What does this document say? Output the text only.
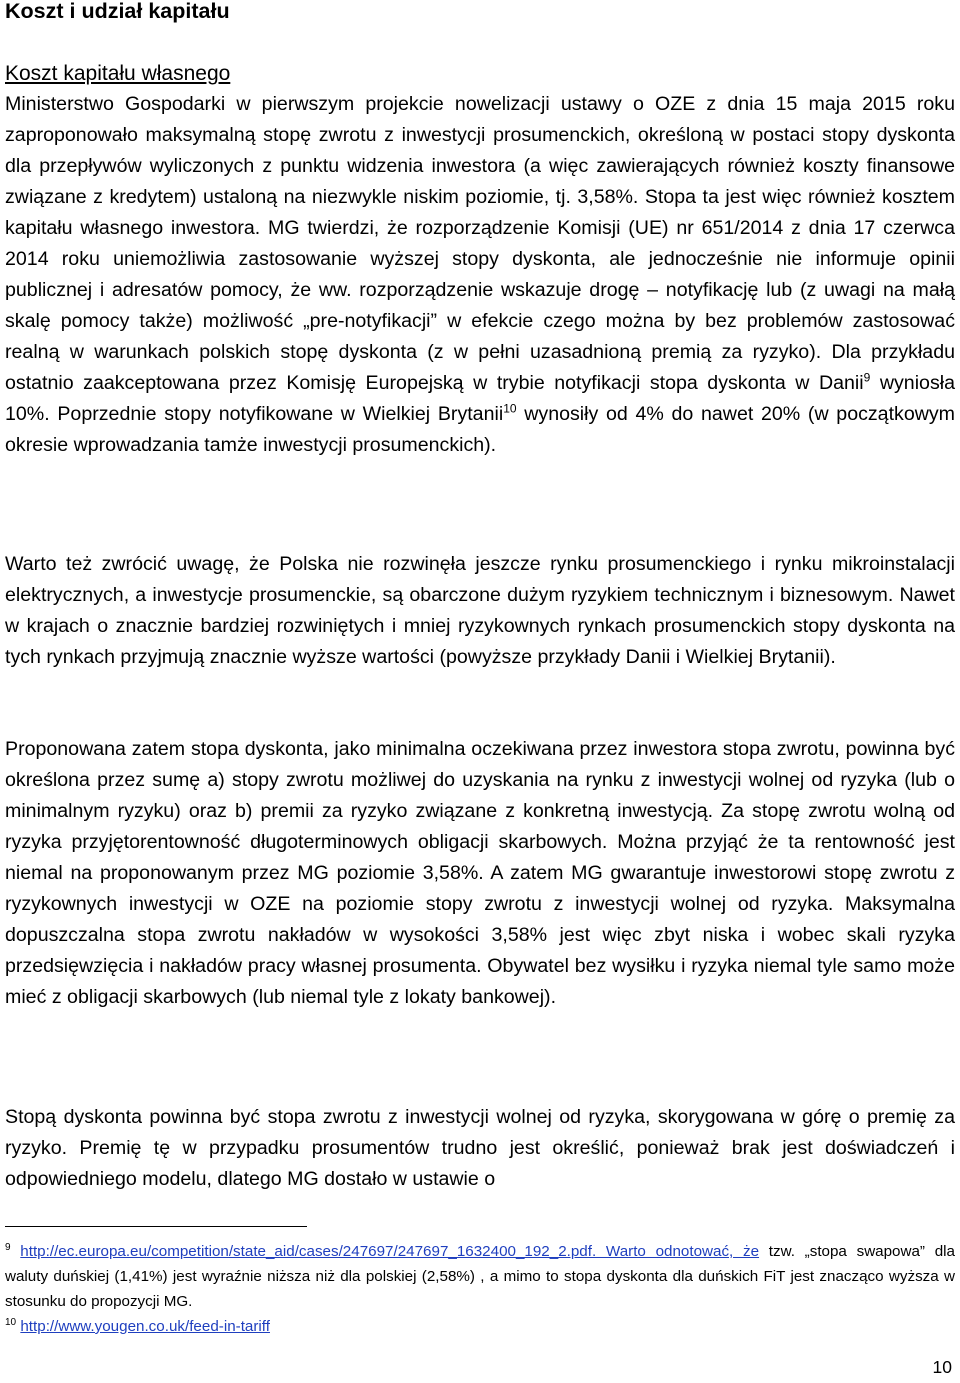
Koszt i udział kapitału
Koszt kapitału własnego

Ministerstwo Gospodarki w pierwszym projekcie nowelizacji ustawy o OZE z dnia 15 maja 2015 roku zaproponowało maksymalną stopę zwrotu z inwestycji prosumenckich, określoną w postaci stopy dyskonta dla przepływów wyliczonych z punktu widzenia inwestora (a więc zawierających również koszty finansowe związane z kredytem) ustaloną na niezwykle niskim poziomie, tj. 3,58%. Stopa ta jest więc również kosztem kapitału własnego inwestora. MG twierdzi, że rozporządzenie Komisji (UE) nr 651/2014 z dnia 17 czerwca 2014 roku uniemożliwia zastosowanie wyższej stopy dyskonta, ale jednocześnie nie informuje opinii publicznej i adresatów pomocy, że ww. rozporządzenie wskazuje drogę – notyfikację lub (z uwagi na małą skalę pomocy także) możliwość „pre-notyfikacji” w efekcie czego można by bez problemów zastosować realną w warunkach polskich stopę dyskonta (z w pełni uzasadnioną premią za ryzyko). Dla przykładu ostatnio zaakceptowana przez Komisję Europejską w trybie notyfikacji stopa dyskonta w Danii$^9$ wyniosła 10%. Poprzednie stopy notyfikowane w Wielkiej Brytanii$^{10}$ wynosiły od 4% do nawet 20% (w początkowym okresie wprowadzania tamże inwestycji prosumenckich).

Warto też zwrócić uwagę, że Polska nie rozwinęła jeszcze rynku prosumenckiego i rynku mikroinstalacji elektrycznych, a inwestycje prosumenckie, są obarczone dużym ryzykiem technicznym i biznesowym. Nawet w krajach o znacznie bardziej rozwiniętych i mniej ryzykownych rynkach prosumenckich stopy dyskonta na tych rynkach przyjmują znacznie wyższe wartości (powyższe przykłady Danii i Wielkiej Brytanii).

Proponowana zatem stopa dyskonta, jako minimalna oczekiwana przez inwestora stopa zwrotu, powinna być określona przez sumę a) stopy zwrotu możliwej do uzyskania na rynku z inwestycji wolnej od ryzyka (lub o minimalnym ryzyku) oraz b) premii za ryzyko związane z konkretną inwestycją. Za stopę zwrotu wolną od ryzyka przyjętorentowność długoterminowych obligacji skarbowych. Można przyjąć że ta rentowność jest niemal na proponowanym przez MG poziomie 3,58%. A zatem MG gwarantuje inwestorowi stopę zwrotu z ryzykownych inwestycji w OZE na poziomie stopy zwrotu z inwestycji wolnej od ryzyka. Maksymalna dopuszczalna stopa zwrotu nakładów w wysokości 3,58% jest więc zbyt niska i wobec skali ryzyka przedsięwzięcia i nakładów pracy własnej prosumenta. Obywatel bez wysiłku i ryzyka niemal tyle samo może mieć z obligacji skarbowych (lub niemal tyle z lokaty bankowej).

Stopą dyskonta powinna być stopa zwrotu z inwestycji wolnej od ryzyka, skorygowana w górę o premię za ryzyko. Premię tę w przypadku prosumentów trudno jest określić, ponieważ brak jest doświadczeń i odpowiedniego modelu, dlatego MG dostało w ustawie o

$^9$ http://ec.europa.eu/competition/state_aid/cases/247697/247697_1632400_192_2.pdf. Warto odnotować, że tzw. „stopa swapowa” dla waluty duńskiej (1,41%) jest wyraźnie niższa niż dla polskiej (2,58%) , a mimo to stopa dyskonta dla duńskich FiT jest znacząco wyższa w stosunku do propozycji MG.

$^{10}$ http://www.yougen.co.uk/feed-in-tariff

10
